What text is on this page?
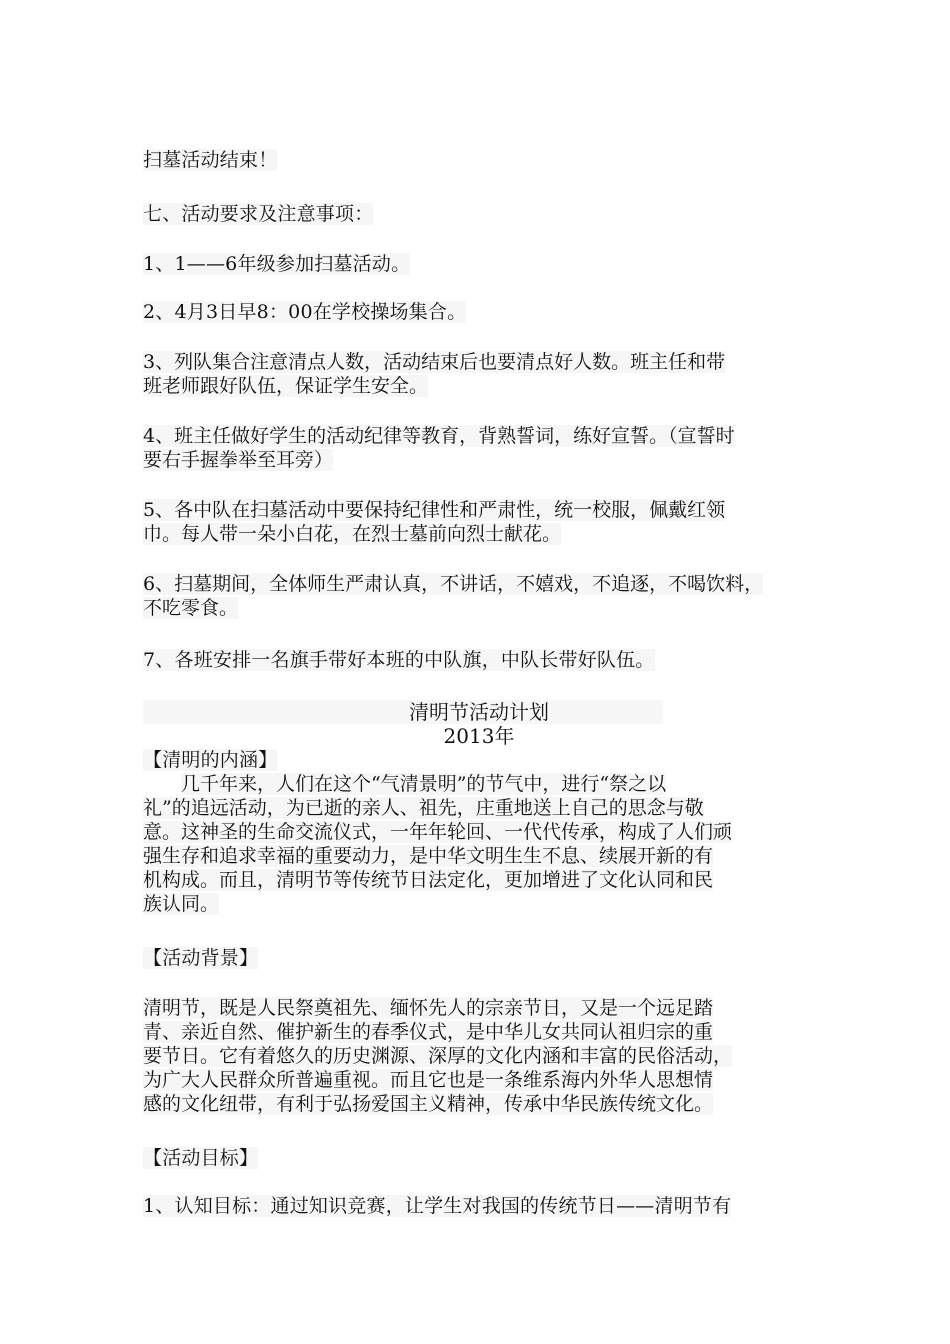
扫墓活动结束！
七、活动要求及注意事项：
1、1——6年级参加扫墓活动。
2、4月3日早8：00在学校操场集合。
3、列队集合注意清点人数，活动结束后也要清点好人数。班主任和带
班老师跟好队伍，保证学生安全。
4、班主任做好学生的活动纪律等教育，背熟誓词，练好宣誓。（宣誓时
要右手握拳举至耳旁）
5、各中队在扫墓活动中要保持纪律性和严肃性，统一校服，佩戴红领
巾。每人带一朵小白花，在烈士墓前向烈士献花。
6、扫墓期间，全体师生严肃认真，不讲话，不嬉戏，不追逐，不喝饮料，
不吃零食。
7、各班安排一名旗手带好本班的中队旗，中队长带好队伍。
清明节活动计划
2013年
【清明的内涵】
几千年来，人们在这个“气清景明”的节气中，进行“祭之以
礼”的追远活动，为已逝的亲人、祖先，庄重地送上自己的思念与敬
意。这神圣的生命交流仪式，一年年轮回、一代代传承，构成了人们顽
强生存和追求幸福的重要动力，是中华文明生生不息、续展开新的有
机构成。而且，清明节等传统节日法定化，更加增进了文化认同和民
族认同。
【活动背景】
清明节，既是人民祭奠祖先、缅怀先人的宗亲节日，又是一个远足踏
青、亲近自然、催护新生的春季仪式，是中华儿女共同认祖归宗的重
要节日。它有着悠久的历史渊源、深厚的文化内涵和丰富的民俗活动，
为广大人民群众所普遍重视。而且它也是一条维系海内外华人思想情
感的文化纽带，有利于弘扬爱国主义精神，传承中华民族传统文化。
【活动目标】
1、认知目标：通过知识竞赛，让学生对我国的传统节日——清明节有
